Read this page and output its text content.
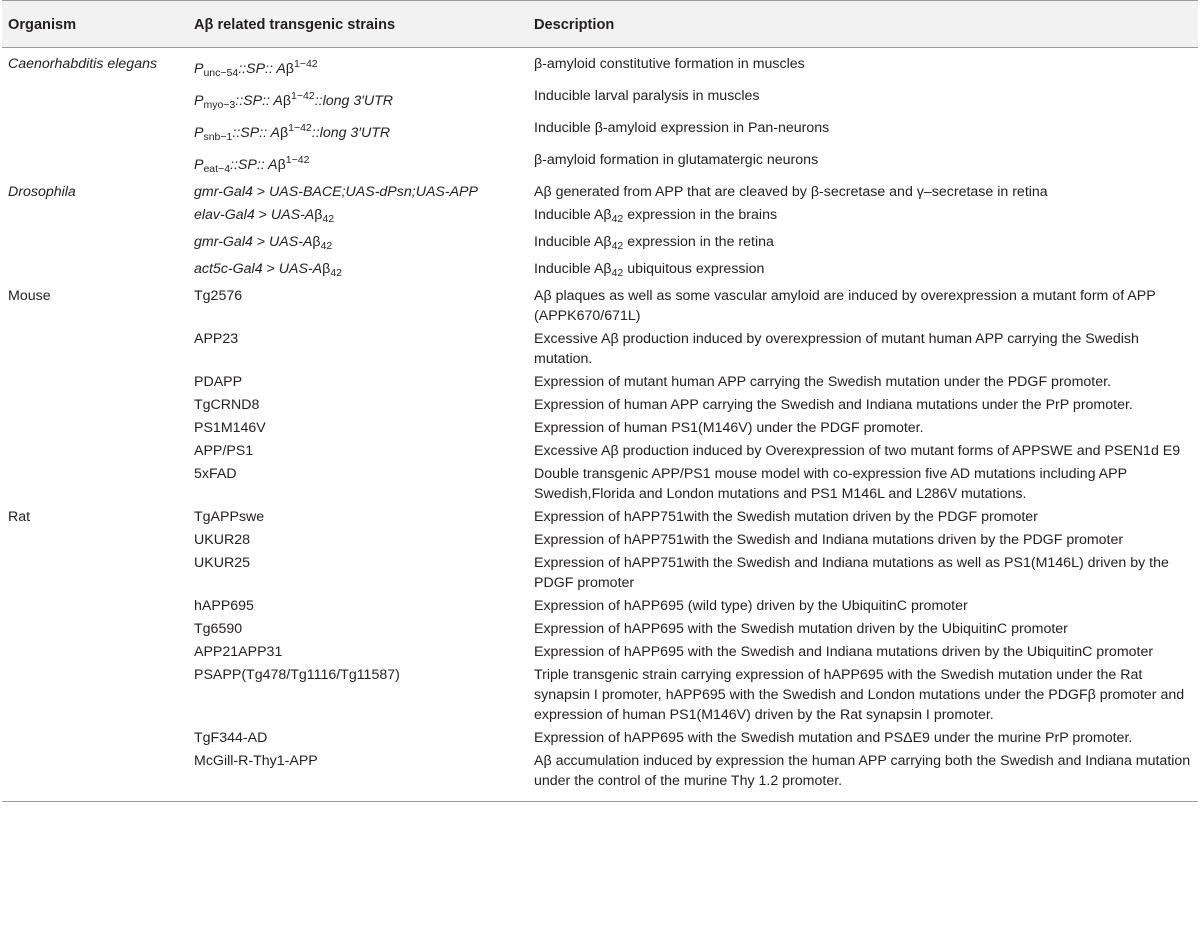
Organism	Aβ related transgenic strains	Description
Caenorhabditis elegans	$P_{unc-54}::SP$:: $A\beta^{1-42}$	β-amyloid constitutive formation in muscles
	$P_{myo-3}::SP$:: $A\beta^{1-42}::long$ 3′UTR	Inducible larval paralysis in muscles
	$P_{snb-1}::SP$:: $A\beta^{1-42}::long$ 3′UTR	Inducible β-amyloid expression in Pan-neurons
	$P_{eat-4}::SP$:: $A\beta^{1-42}$	β-amyloid formation in glutamatergic neurons
Drosophila	gmr-Gal4 > UAS-BACE;UAS-dPsn;UAS-APP	Aβ generated from APP that are cleaved by β-secretase and γ–secretase in retina
	elav-Gal4 > UAS-$A\beta_{42}$	Inducible $A\beta_{42}$ expression in the brains
	gmr-Gal4 > UAS-$A\beta_{42}$	Inducible $A\beta_{42}$ expression in the retina
	act5c-Gal4 > UAS-$A\beta_{42}$	Inducible $A\beta_{42}$ ubiquitous expression
Mouse	Tg2576	Aβ plaques as well as some vascular amyloid are induced by overexpression a mutant form of APP (APPK670/671L)
	APP23	Excessive Aβ production induced by overexpression of mutant human APP carrying the Swedish mutation.
	PDAPP	Expression of mutant human APP carrying the Swedish mutation under the PDGF promoter.
	TgCRND8	Expression of human APP carrying the Swedish and Indiana mutations under the PrP promoter.
	PS1M146V	Expression of human PS1(M146V) under the PDGF promoter.
	APP/PS1	Excessive Aβ production induced by Overexpression of two mutant forms of APPSWE and PSEN1d E9
	5xFAD	Double transgenic APP/PS1 mouse model with co-expression five AD mutations including APP Swedish,Florida and London mutations and PS1 M146L and L286V mutations.
Rat	TgAPPswe	Expression of hAPP751with the Swedish mutation driven by the PDGF promoter
	UKUR28	Expression of hAPP751with the Swedish and Indiana mutations driven by the PDGF promoter
	UKUR25	Expression of hAPP751with the Swedish and Indiana mutations as well as PS1(M146L) driven by the PDGF promoter
	hAPP695	Expression of hAPP695 (wild type) driven by the UbiquitinC promoter
	Tg6590	Expression of hAPP695 with the Swedish mutation driven by the UbiquitinC promoter
	APP21APP31	Expression of hAPP695 with the Swedish and Indiana mutations driven by the UbiquitinC promoter
	PSAPP(Tg478/Tg1116/Tg11587)	Triple transgenic strain carrying expression of hAPP695 with the Swedish mutation under the Rat synapsin I promoter, hAPP695 with the Swedish and London mutations under the PDGFβ promoter and expression of human PS1(M146V) driven by the Rat synapsin I promoter.
	TgF344-AD	Expression of hAPP695 with the Swedish mutation and PSΔE9 under the murine PrP promoter.
	McGill-R-Thy1-APP	Aβ accumulation induced by expression the human APP carrying both the Swedish and Indiana mutation under the control of the murine Thy 1.2 promoter.
